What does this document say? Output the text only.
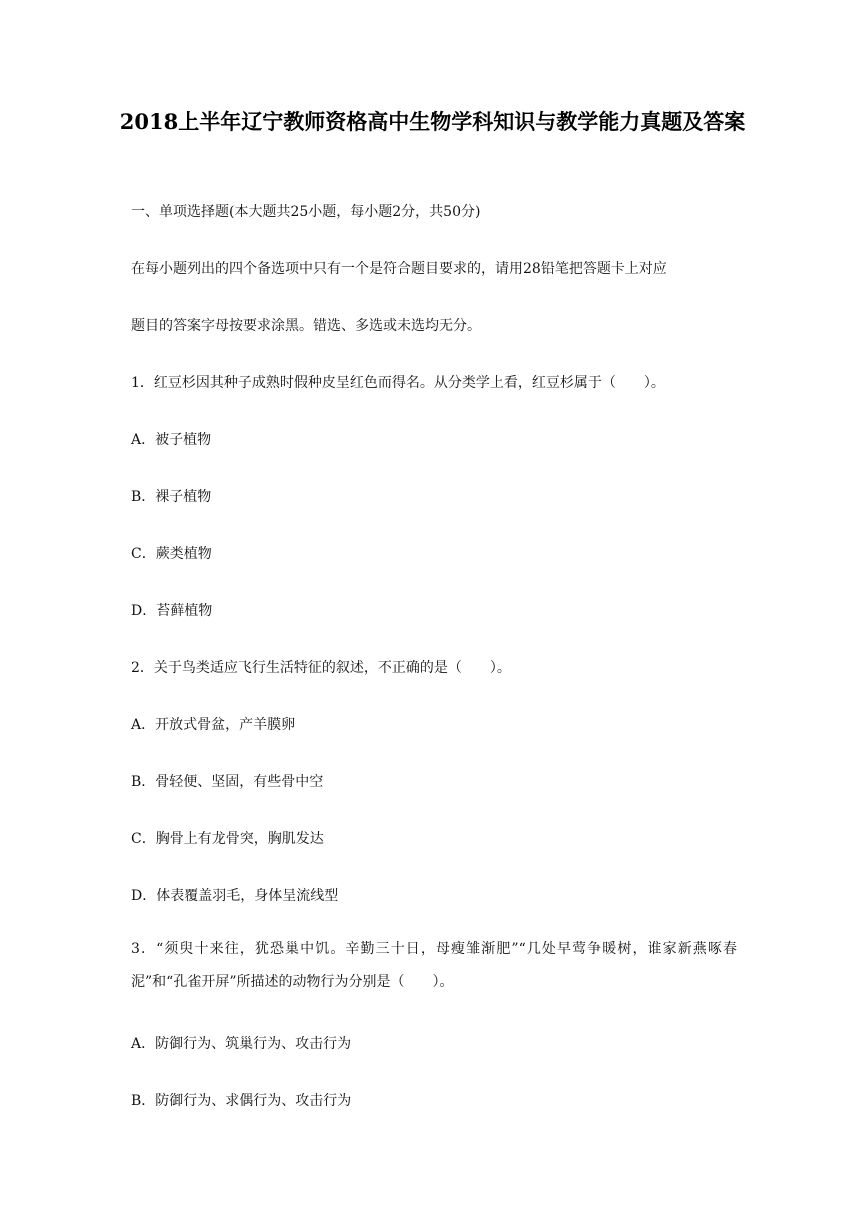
2018上半年辽宁教师资格高中生物学科知识与教学能力真题及答案
一、单项选择题(本大题共25小题，每小题2分，共50分)
在每小题列出的四个备选项中只有一个是符合题目要求的，请用28铅笔把答题卡上对应
题目的答案字母按要求涂黑。错选、多选或未选均无分。
1．红豆杉因其种子成熟时假种皮呈红色而得名。从分类学上看，红豆杉属于（　　）。
A．被子植物
B．裸子植物
C．蕨类植物
D．苔藓植物
2．关于鸟类适应飞行生活特征的叙述，不正确的是（　　）。
A．开放式骨盆，产羊膜卵
B．骨轻便、坚固，有些骨中空
C．胸骨上有龙骨突，胸肌发达
D．体表覆盖羽毛，身体呈流线型
3．“须臾十来往，犹恐巢中饥。辛勤三十日，母瘦雏渐肥”“几处早莺争暖树，谁家新燕啄春泥”和“孔雀开屏”所描述的动物行为分别是（　　）。
A．防御行为、筑巢行为、攻击行为
B．防御行为、求偶行为、攻击行为
